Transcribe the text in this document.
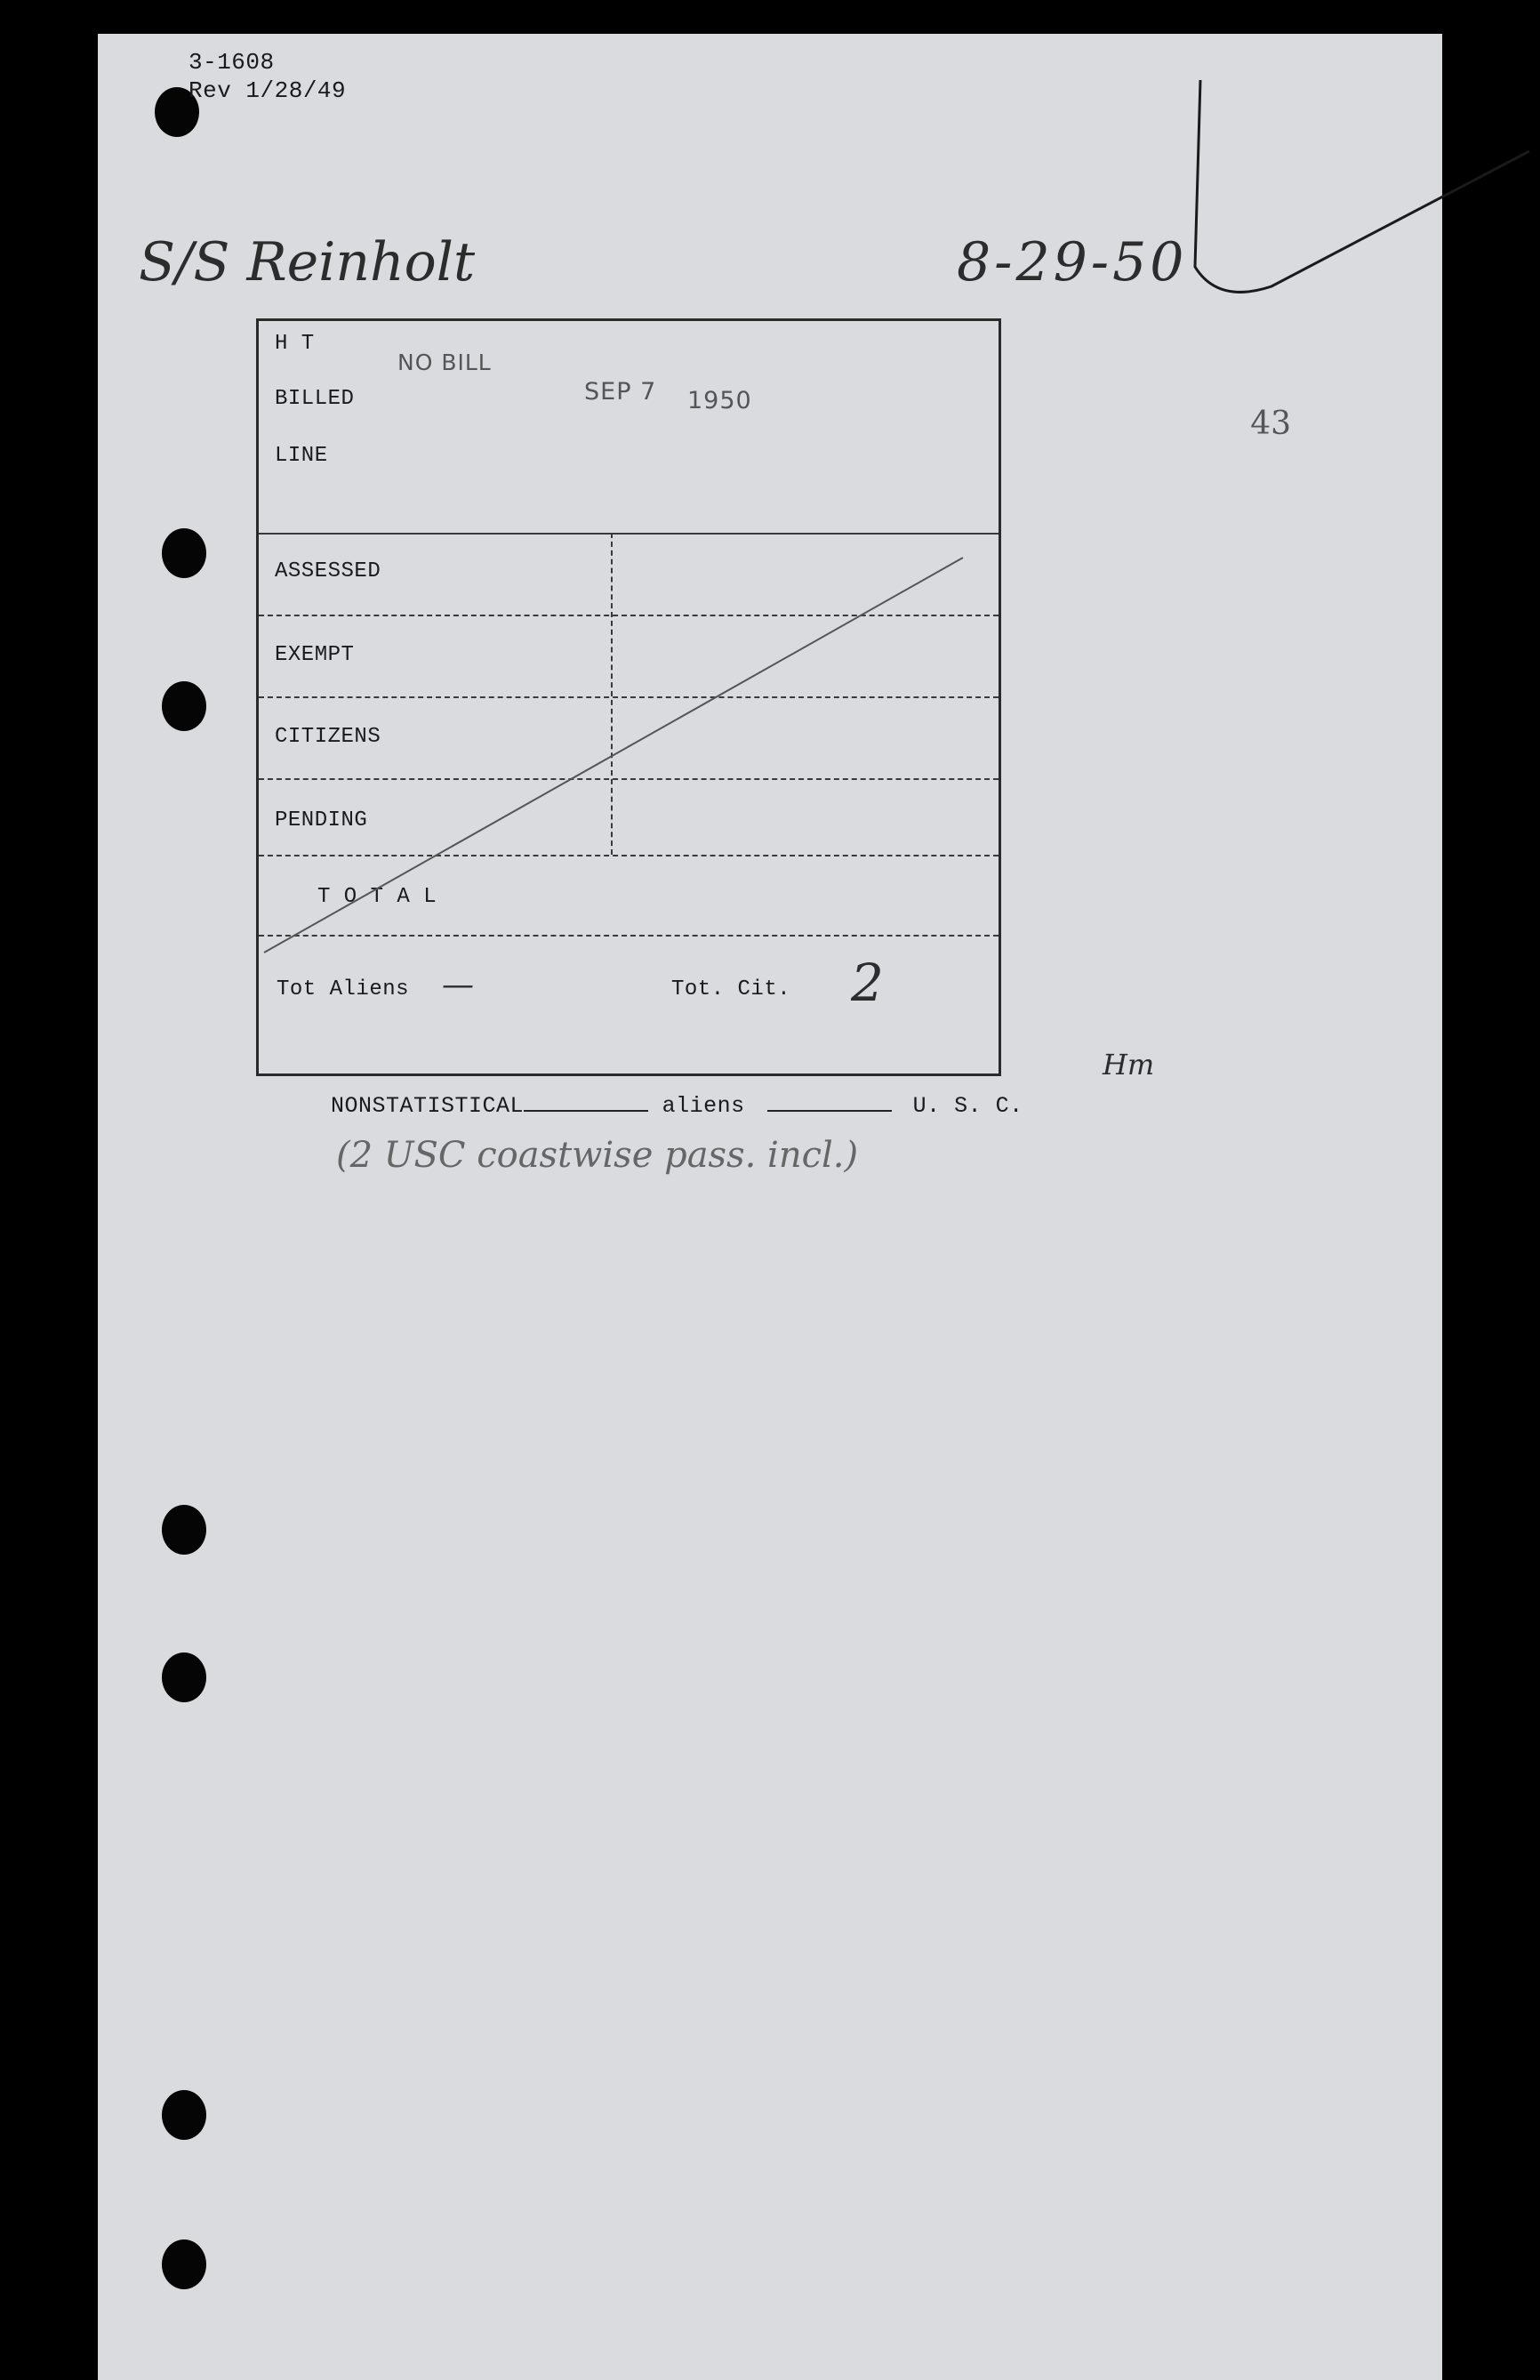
3-1608
Rev 1/28/49
S/S Reinholt	8-29-50
43
H T
BILLED
LINE
NO BILL
SEP 7 1950
ASSESSED
EXEMPT
CITIZENS
PENDING
T O T A L
Tot Aliens —	Tot. Cit. 2
Hm
NONSTATISTICAL	aliens	U. S. C.
(2 USC coastwise pass. incl.)
